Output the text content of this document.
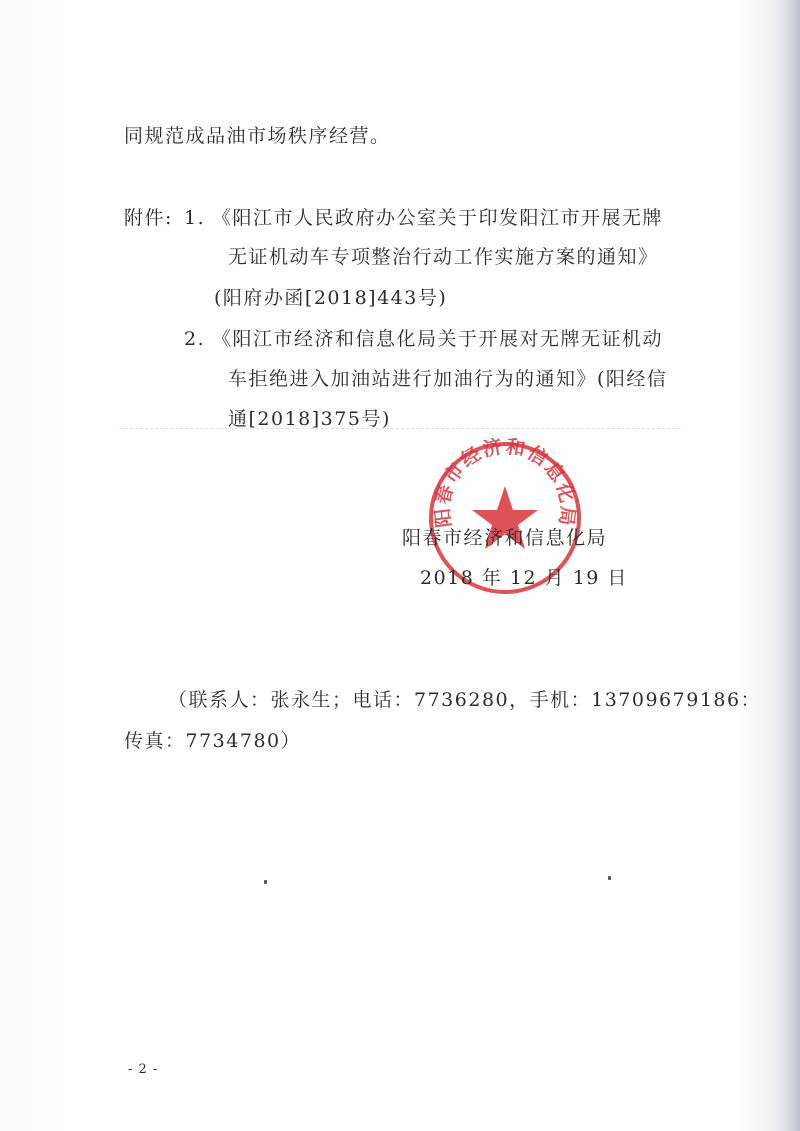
同规范成品油市场秩序经营。
附件: 1. 《阳江市人民政府办公室关于印发阳江市开展无牌
无证机动车专项整治行动工作实施方案的通知》
(阳府办函[2018]443号)
2. 《阳江市经济和信息化局关于开展对无牌无证机动
车拒绝进入加油站进行加油行为的通知》(阳经信
通[2018]375号)
阳春市经济和信息化局
阳春市经济和信息化局
2018 年 12 月 19 日
（联系人：张永生；电话：7736280，手机：13709679186：
传真：7734780）
- 2 -
